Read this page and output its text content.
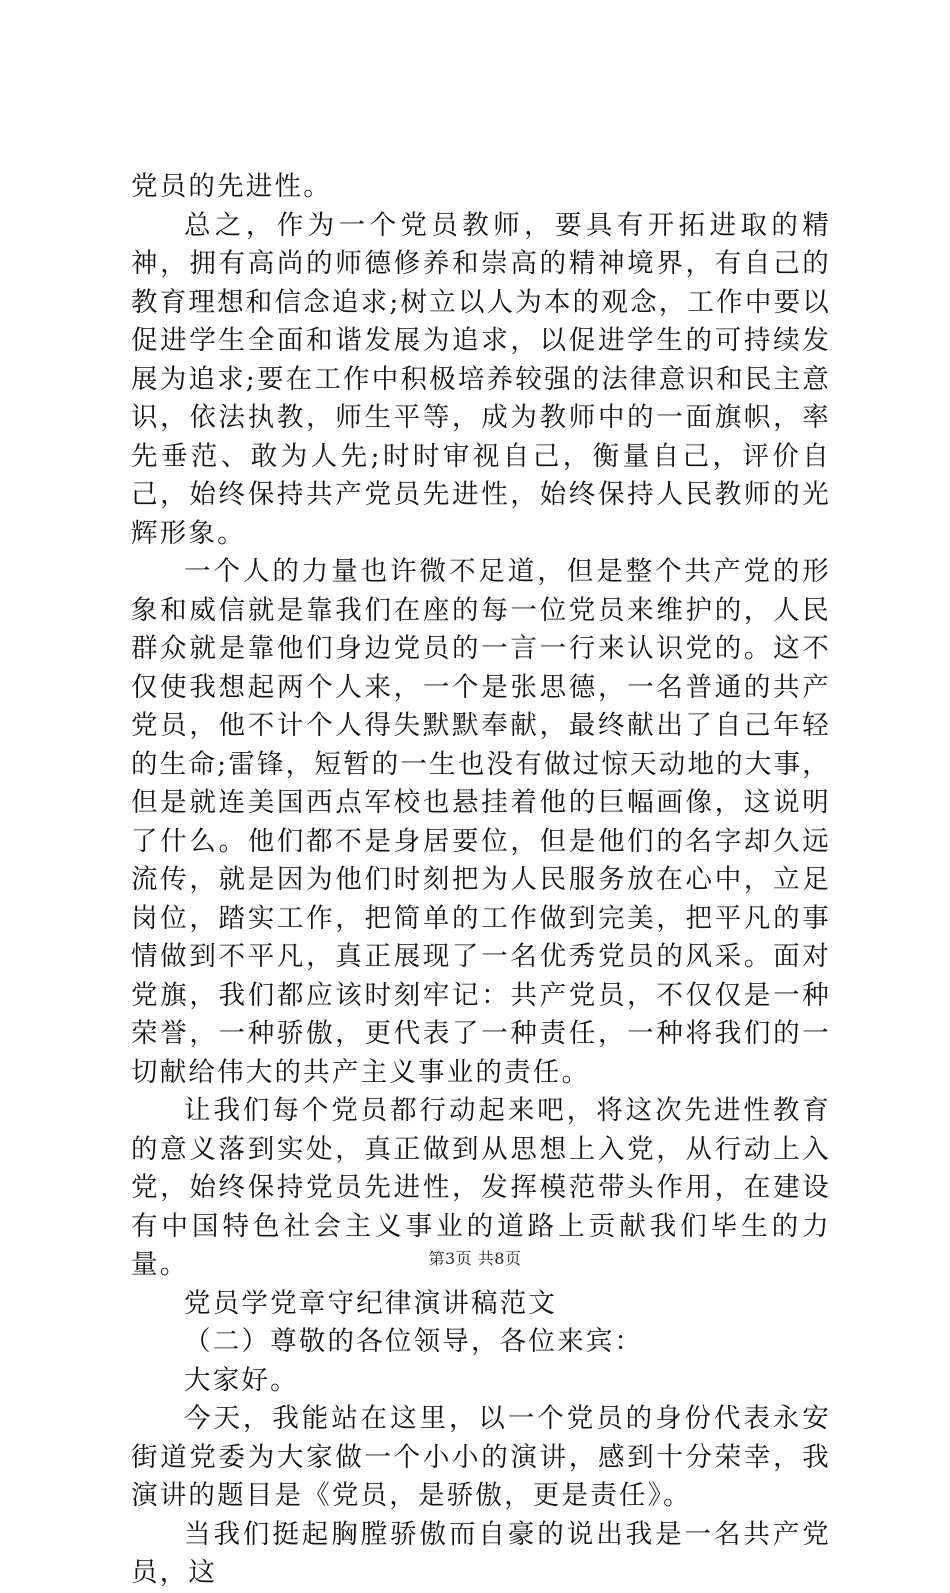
党员的先进性。

总之，作为一个党员教师，要具有开拓进取的精神，拥有高尚的师德修养和崇高的精神境界，有自己的教育理想和信念追求;树立以人为本的观念，工作中要以促进学生全面和谐发展为追求，以促进学生的可持续发展为追求;要在工作中积极培养较强的法律意识和民主意识，依法执教，师生平等，成为教师中的一面旗帜，率先垂范、敢为人先;时时审视自己，衡量自己，评价自己，始终保持共产党员先进性，始终保持人民教师的光辉形象。

一个人的力量也许微不足道，但是整个共产党的形象和威信就是靠我们在座的每一位党员来维护的，人民群众就是靠他们身边党员的一言一行来认识党的。这不仅使我想起两个人来，一个是张思德，一名普通的共产党员，他不计个人得失默默奉献，最终献出了自己年轻的生命;雷锋，短暂的一生也没有做过惊天动地的大事，但是就连美国西点军校也悬挂着他的巨幅画像，这说明了什么。他们都不是身居要位，但是他们的名字却久远流传，就是因为他们时刻把为人民服务放在心中，立足岗位，踏实工作，把简单的工作做到完美，把平凡的事情做到不平凡，真正展现了一名优秀党员的风采。面对党旗，我们都应该时刻牢记：共产党员，不仅仅是一种荣誉，一种骄傲，更代表了一种责任，一种将我们的一切献给伟大的共产主义事业的责任。

让我们每个党员都行动起来吧，将这次先进性教育的意义落到实处，真正做到从思想上入党，从行动上入党，始终保持党员先进性，发挥模范带头作用，在建设有中国特色社会主义事业的道路上贡献我们毕生的力量。

党员学党章守纪律演讲稿范文

（二）尊敬的各位领导，各位来宾：

大家好。

今天，我能站在这里，以一个党员的身份代表永安街道党委为大家做一个小小的演讲，感到十分荣幸，我演讲的题目是《党员，是骄傲，更是责任》。

当我们挺起胸膛骄傲而自豪的说出我是一名共产党员，这

第3页 共8页
